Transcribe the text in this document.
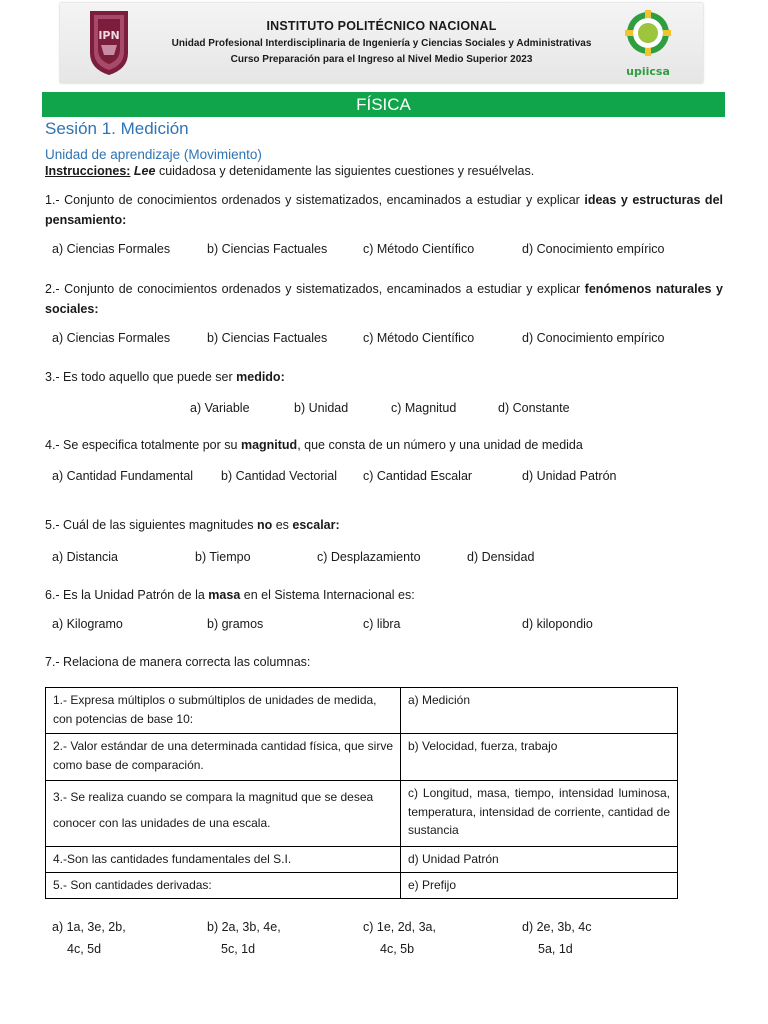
IPN
INSTITUTO POLITÉCNICO NACIONAL
Unidad Profesional Interdisciplinaria de Ingeniería y Ciencias Sociales y Administrativas
Curso Preparación para el Ingreso al Nivel Medio Superior 2023
upiicsa
FÍSICA
Sesión 1. Medición
Unidad de aprendizaje (Movimiento)
Instrucciones: Lee cuidadosa y detenidamente las siguientes cuestiones y resuélvelas.
1.- Conjunto de conocimientos ordenados y sistematizados, encaminados a estudiar y explicar ideas y estructuras del pensamiento:
a) Ciencias Formales	b) Ciencias Factuales	c) Método Científico	d) Conocimiento empírico
2.- Conjunto de conocimientos ordenados y sistematizados, encaminados a estudiar y explicar fenómenos naturales y sociales:
a) Ciencias Formales	b) Ciencias Factuales	c) Método Científico	d) Conocimiento empírico
3.- Es todo aquello que puede ser medido:
a) Variable	b) Unidad	c) Magnitud	d) Constante
4.- Se especifica totalmente por su magnitud, que consta de un número y una unidad de medida
a) Cantidad Fundamental b) Cantidad Vectorial c) Cantidad Escalar	d) Unidad Patrón
5.- Cuál de las siguientes magnitudes no es escalar:
a) Distancia	b) Tiempo	c) Desplazamiento	d) Densidad
6.- Es la Unidad Patrón de la masa en el Sistema Internacional es:
a) Kilogramo	b) gramos	c) libra	d) kilopondio
7.- Relaciona de manera correcta las columnas:
1.- Expresa múltiplos o submúltiplos de unidades de medida, con potencias de base 10:	a) Medición
2.- Valor estándar de una determinada cantidad física, que sirve como base de comparación.	b) Velocidad, fuerza, trabajo
3.- Se realiza cuando se compara la magnitud que se desea conocer con las unidades de una escala.	c) Longitud, masa, tiempo, intensidad luminosa, temperatura, intensidad de corriente, cantidad de sustancia
4.-Son las cantidades fundamentales del S.I.	d) Unidad Patrón
5.- Son cantidades derivadas:	e) Prefijo
a) 1a, 3e, 2b,
4c, 5d
b) 2a, 3b, 4e,
5c, 1d
c) 1e, 2d, 3a,
4c, 5b
d) 2e, 3b, 4c
5a, 1d
